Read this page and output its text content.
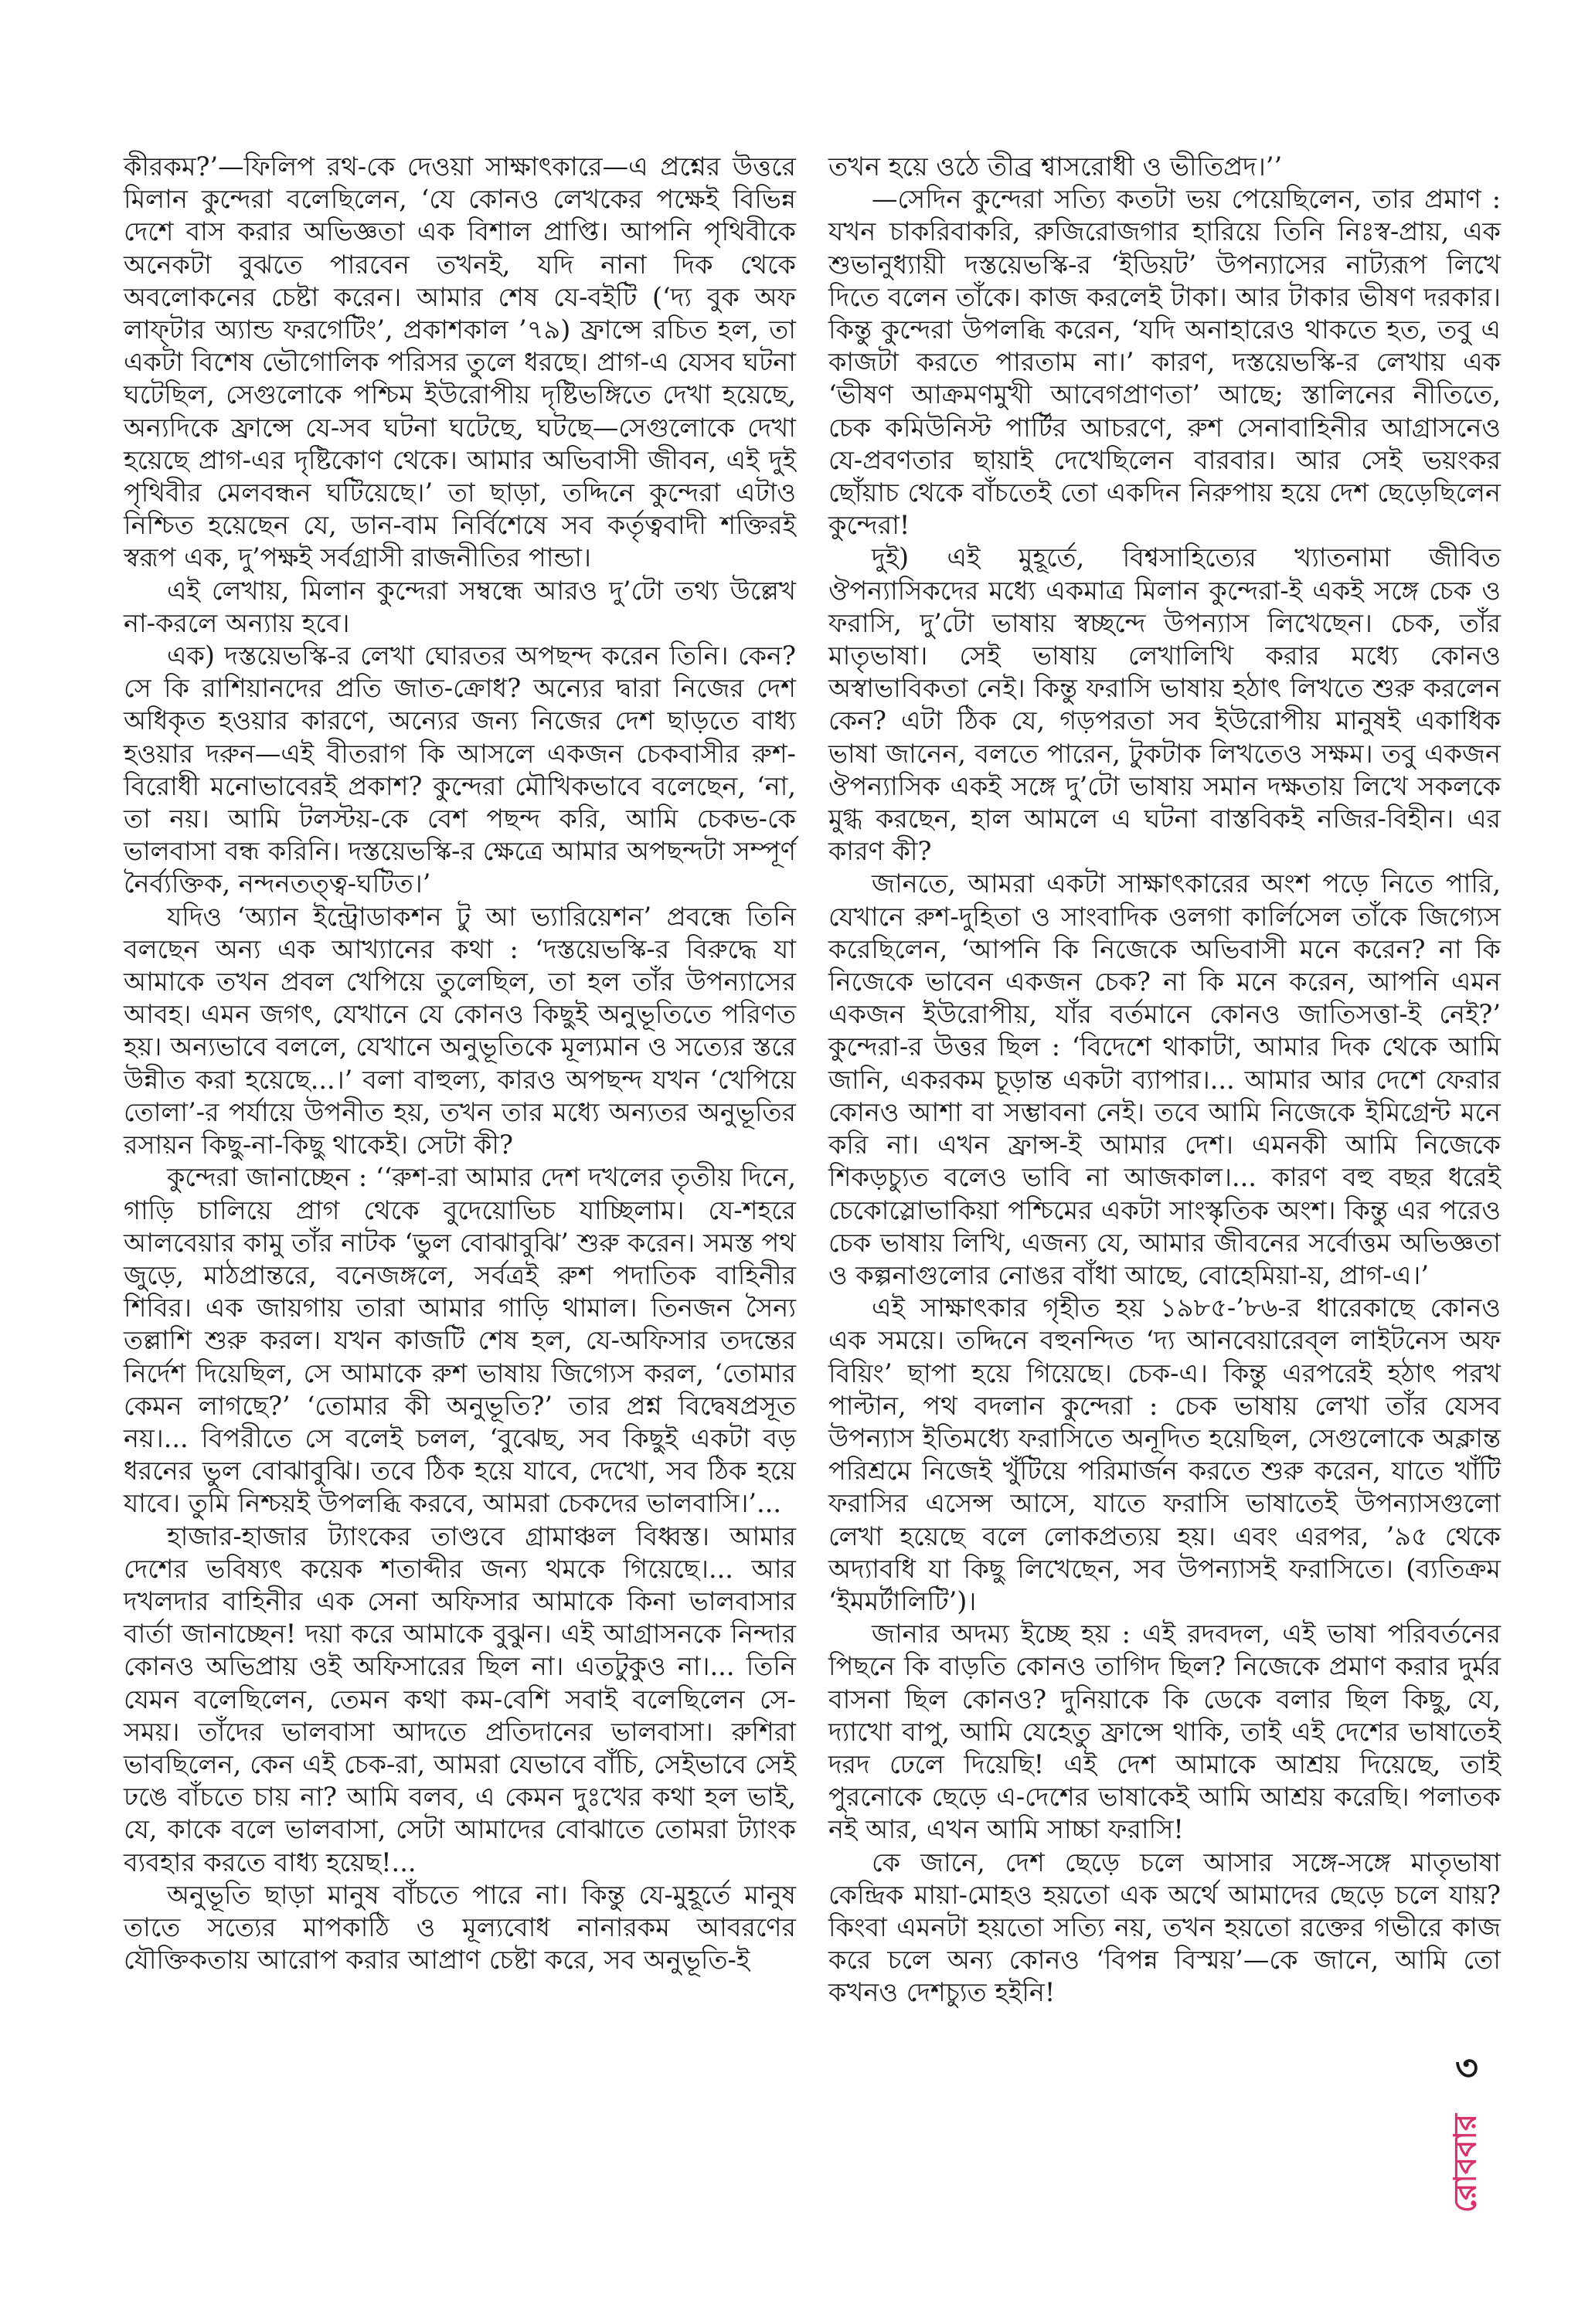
কীরকম?’—ফিলিপ রথ-কে দেওয়া সাক্ষাৎকারে—এ প্রশ্নের উত্তরে মিলান কুন্দেরা বলেছিলেন, ‘যে কোনও লেখকের পক্ষেই বিভিন্ন দেশে বাস করার অভিজ্ঞতা এক বিশাল প্রাপ্তি। আপনি পৃথিবীকে অনেকটা বুঝতে পারবেন তখনই, যদি নানা দিক থেকে অবলোকনের চেষ্টা করেন। আমার শেষ যে-বইটি (‘দ্য বুক অফ লাফ্‌টার অ্যান্ড ফরগেটিং’, প্রকাশকাল ’৭৯) ফ্রান্সে রচিত হল, তা একটা বিশেষ ভৌগোলিক পরিসর তুলে ধরছে। প্রাগ-এ যেসব ঘটনা ঘটেছিল, সেগুলোকে পশ্চিম ইউরোপীয় দৃষ্টিভঙ্গিতে দেখা হয়েছে, অন্যদিকে ফ্রান্সে যে-সব ঘটনা ঘটেছে, ঘটছে—সেগুলোকে দেখা হয়েছে প্রাগ-এর দৃষ্টিকোণ থেকে। আমার অভিবাসী জীবন, এই দুই পৃথিবীর মেলবন্ধন ঘটিয়েছে।’ তা ছাড়া, তদ্দিনে কুন্দেরা এটাও নিশ্চিত হয়েছেন যে, ডান-বাম নির্বিশেষে সব কর্তৃত্ববাদী শক্তিরই স্বরূপ এক, দু’পক্ষই সর্বগ্রাসী রাজনীতির পান্ডা।

এই লেখায়, মিলান কুন্দেরা সম্বন্ধে আরও দু’টো তথ্য উল্লেখ না-করলে অন্যায় হবে।

এক) দস্তয়েভস্কি-র লেখা ঘোরতর অপছন্দ করেন তিনি। কেন? সে কি রাশিয়ানদের প্রতি জাত-ক্রোধ? অন্যের দ্বারা নিজের দেশ অধিকৃত হওয়ার কারণে, অন্যের জন্য নিজের দেশ ছাড়তে বাধ্য হওয়ার দরুন—এই বীতরাগ কি আসলে একজন চেকবাসীর রুশ-বিরোধী মনোভাবেরই প্রকাশ? কুন্দেরা মৌখিকভাবে বলেছেন, ‘না, তা নয়। আমি টলস্টয়-কে বেশ পছন্দ করি, আমি চেকভ-কে ভালবাসা বন্ধ করিনি। দস্তয়েভস্কি-র ক্ষেত্রে আমার অপছন্দটা সম্পূর্ণ নৈর্ব্যক্তিক, নন্দনতত্ত্ব-ঘটিত।’

যদিও ‘অ্যান ইন্ট্রোডাকশন টু আ ভ্যারিয়েশন’ প্রবন্ধে তিনি বলছেন অন্য এক আখ্যানের কথা : ‘দস্তয়েভস্কি-র বিরুদ্ধে যা আমাকে তখন প্রবল খেপিয়ে তুলেছিল, তা হল তাঁর উপন্যাসের আবহ। এমন জগৎ, যেখানে যে কোনও কিছুই অনুভূতিতে পরিণত হয়। অন্যভাবে বললে, যেখানে অনুভূতিকে মূল্যমান ও সত্যের স্তরে উন্নীত করা হয়েছে...।’ বলা বাহুল্য, কারও অপছন্দ যখন ‘খেপিয়ে তোলা’-র পর্যায়ে উপনীত হয়, তখন তার মধ্যে অন্যতর অনুভূতির রসায়ন কিছু-না-কিছু থাকেই। সেটা কী?

কুন্দেরা জানাচ্ছেন : ‘‘রুশ-রা আমার দেশ দখলের তৃতীয় দিনে, গাড়ি চালিয়ে প্রাগ থেকে বুদেয়োভিচ যাচ্ছিলাম। যে-শহরে আলবেয়ার কামু তাঁর নাটক ‘ভুল বোঝাবুঝি’ শুরু করেন। সমস্ত পথ জুড়ে, মাঠপ্রান্তরে, বনেজঙ্গলে, সর্বত্রই রুশ পদাতিক বাহিনীর শিবির। এক জায়গায় তারা আমার গাড়ি থামাল। তিনজন সৈন্য তল্লাশি শুরু করল। যখন কাজটি শেষ হল, যে-অফিসার তদন্তের নির্দেশ দিয়েছিল, সে আমাকে রুশ ভাষায় জিগ্যেস করল, ‘তোমার কেমন লাগছে?’ ‘তোমার কী অনুভূতি?’ তার প্রশ্ন বিদ্বেষপ্রসূত নয়।... বিপরীতে সে বলেই চলল, ‘বুঝেছ, সব কিছুই একটা বড় ধরনের ভুল বোঝাবুঝি। তবে ঠিক হয়ে যাবে, দেখো, সব ঠিক হয়ে যাবে। তুমি নিশ্চয়ই উপলব্ধি করবে, আমরা চেকদের ভালবাসি।’...

হাজার-হাজার ট্যাংকের তাণ্ডবে গ্রামাঞ্চল বিধ্বস্ত। আমার দেশের ভবিষ্যৎ কয়েক শতাব্দীর জন্য থমকে গিয়েছে।... আর দখলদার বাহিনীর এক সেনা অফিসার আমাকে কিনা ভালবাসার বার্তা জানাচ্ছেন! দয়া করে আমাকে বুঝুন। এই আগ্রাসনকে নিন্দার কোনও অভিপ্রায় ওই অফিসারের ছিল না। এতটুকুও না।... তিনি যেমন বলেছিলেন, তেমন কথা কম-বেশি সবাই বলেছিলেন সে-সময়। তাঁদের ভালবাসা আদতে প্রতিদানের ভালবাসা। রুশিরা ভাবছিলেন, কেন এই চেক-রা, আমরা যেভাবে বাঁচি, সেইভাবে সেই ঢঙে বাঁচতে চায় না? আমি বলব, এ কেমন দুঃখের কথা হল ভাই, যে, কাকে বলে ভালবাসা, সেটা আমাদের বোঝাতে তোমরা ট্যাংক ব্যবহার করতে বাধ্য হয়েছ!...

অনুভূতি ছাড়া মানুষ বাঁচতে পারে না। কিন্তু যে-মুহূর্তে মানুষ তাতে সত্যের মাপকাঠি ও মূল্যবোধ নানারকম আবরণের যৌক্তিকতায় আরোপ করার আপ্রাণ চেষ্টা করে, সব অনুভূতি-ই

তখন হয়ে ওঠে তীব্র শ্বাসরোধী ও ভীতিপ্রদ।’’

—সেদিন কুন্দেরা সত্যি কতটা ভয় পেয়েছিলেন, তার প্রমাণ : যখন চাকরিবাকরি, রুজিরোজগার হারিয়ে তিনি নিঃস্ব-প্রায়, এক শুভানুধ্যায়ী দস্তয়েভস্কি-র ‘ইডিয়ট’ উপন্যাসের নাট্যরূপ লিখে দিতে বলেন তাঁকে। কাজ করলেই টাকা। আর টাকার ভীষণ দরকার। কিন্তু কুন্দেরা উপলব্ধি করেন, ‘যদি অনাহারেও থাকতে হত, তবু এ কাজটা করতে পারতাম না।’ কারণ, দস্তয়েভস্কি-র লেখায় এক ‘ভীষণ আক্রমণমুখী আবেগপ্রাণতা’ আছে; স্তালিনের নীতিতে, চেক কমিউনিস্ট পার্টির আচরণে, রুশ সেনাবাহিনীর আগ্রাসনেও যে-প্রবণতার ছায়াই দেখেছিলেন বারবার। আর সেই ভয়ংকর ছোঁয়াচ থেকে বাঁচতেই তো একদিন নিরুপায় হয়ে দেশ ছেড়েছিলেন কুন্দেরা!

দুই) এই মুহূর্তে, বিশ্বসাহিত্যের খ্যাতনামা জীবিত ঔপন্যাসিকদের মধ্যে একমাত্র মিলান কুন্দেরা-ই একই সঙ্গে চেক ও ফরাসি, দু’টো ভাষায় স্বচ্ছন্দে উপন্যাস লিখেছেন। চেক, তাঁর মাতৃভাষা। সেই ভাষায় লেখালিখি করার মধ্যে কোনও অস্বাভাবিকতা নেই। কিন্তু ফরাসি ভাষায় হঠাৎ লিখতে শুরু করলেন কেন? এটা ঠিক যে, গড়পরতা সব ইউরোপীয় মানুষই একাধিক ভাষা জানেন, বলতে পারেন, টুকটাক লিখতেও সক্ষম। তবু একজন ঔপন্যাসিক একই সঙ্গে দু’টো ভাষায় সমান দক্ষতায় লিখে সকলকে মুগ্ধ করছেন, হাল আমলে এ ঘটনা বাস্তবিকই নজির-বিহীন। এর কারণ কী?

জানতে, আমরা একটা সাক্ষাৎকারের অংশ পড়ে নিতে পারি, যেখানে রুশ-দুহিতা ও সাংবাদিক ওলগা কার্লিসেল তাঁকে জিগ্যেস করেছিলেন, ‘আপনি কি নিজেকে অভিবাসী মনে করেন? না কি নিজেকে ভাবেন একজন চেক? না কি মনে করেন, আপনি এমন একজন ইউরোপীয়, যাঁর বর্তমানে কোনও জাতিসত্তা-ই নেই?’ কুন্দেরা-র উত্তর ছিল : ‘বিদেশে থাকাটা, আমার দিক থেকে আমি জানি, একরকম চূড়ান্ত একটা ব্যাপার।... আমার আর দেশে ফেরার কোনও আশা বা সম্ভাবনা নেই। তবে আমি নিজেকে ইমিগ্রেন্ট মনে করি না। এখন ফ্রান্স-ই আমার দেশ। এমনকী আমি নিজেকে শিকড়চ্যুত বলেও ভাবি না আজকাল।... কারণ বহু বছর ধরেই চেকোস্লোভাকিয়া পশ্চিমের একটা সাংস্কৃতিক অংশ। কিন্তু এর পরেও চেক ভাষায় লিখি, এজন্য যে, আমার জীবনের সর্বোত্তম অভিজ্ঞতা ও কল্পনাগুলোর নোঙর বাঁধা আছে, বোহেমিয়া-য়, প্রাগ-এ।’

এই সাক্ষাৎকার গৃহীত হয় ১৯৮৫-’৮৬-র ধারেকাছে কোনও এক সময়ে। তদ্দিনে বহুনন্দিত ‘দ্য আনবেয়ারেব্‌ল লাইটনেস অফ বিয়িং’ ছাপা হয়ে গিয়েছে। চেক-এ। কিন্তু এরপরেই হঠাৎ পরখ পাল্টান, পথ বদলান কুন্দেরা : চেক ভাষায় লেখা তাঁর যেসব উপন্যাস ইতিমধ্যে ফরাসিতে অনূদিত হয়েছিল, সেগুলোকে অক্লান্ত পরিশ্রমে নিজেই খুঁটিয়ে পরিমার্জন করতে শুরু করেন, যাতে খাঁটি ফরাসির এসেন্স আসে, যাতে ফরাসি ভাষাতেই উপন্যাসগুলো লেখা হয়েছে বলে লোকপ্রত্যয় হয়। এবং এরপর, ’৯৫ থেকে অদ্যাবধি যা কিছু লিখেছেন, সব উপন্যাসই ফরাসিতে। (ব্যতিক্রম ‘ইমমর্টালিটি’)।

জানার অদম্য ইচ্ছে হয় : এই রদবদল, এই ভাষা পরিবর্তনের পিছনে কি বাড়তি কোনও তাগিদ ছিল? নিজেকে প্রমাণ করার দুর্মর বাসনা ছিল কোনও? দুনিয়াকে কি ডেকে বলার ছিল কিছু, যে, দ্যাখো বাপু, আমি যেহেতু ফ্রান্সে থাকি, তাই এই দেশের ভাষাতেই দরদ ঢেলে দিয়েছি! এই দেশ আমাকে আশ্রয় দিয়েছে, তাই পুরনোকে ছেড়ে এ-দেশের ভাষাকেই আমি আশ্রয় করেছি। পলাতক নই আর, এখন আমি সাচ্চা ফরাসি!

কে জানে, দেশ ছেড়ে চলে আসার সঙ্গে-সঙ্গে মাতৃভাষা কেন্দ্রিক মায়া-মোহও হয়তো এক অর্থে আমাদের ছেড়ে চলে যায়? কিংবা এমনটা হয়তো সত্যি নয়, তখন হয়তো রক্তের গভীরে কাজ করে চলে অন্য কোনও ‘বিপন্ন বিস্ময়’—কে জানে, আমি তো কখনও দেশচ্যুত হইনি!

৩
রোববার
